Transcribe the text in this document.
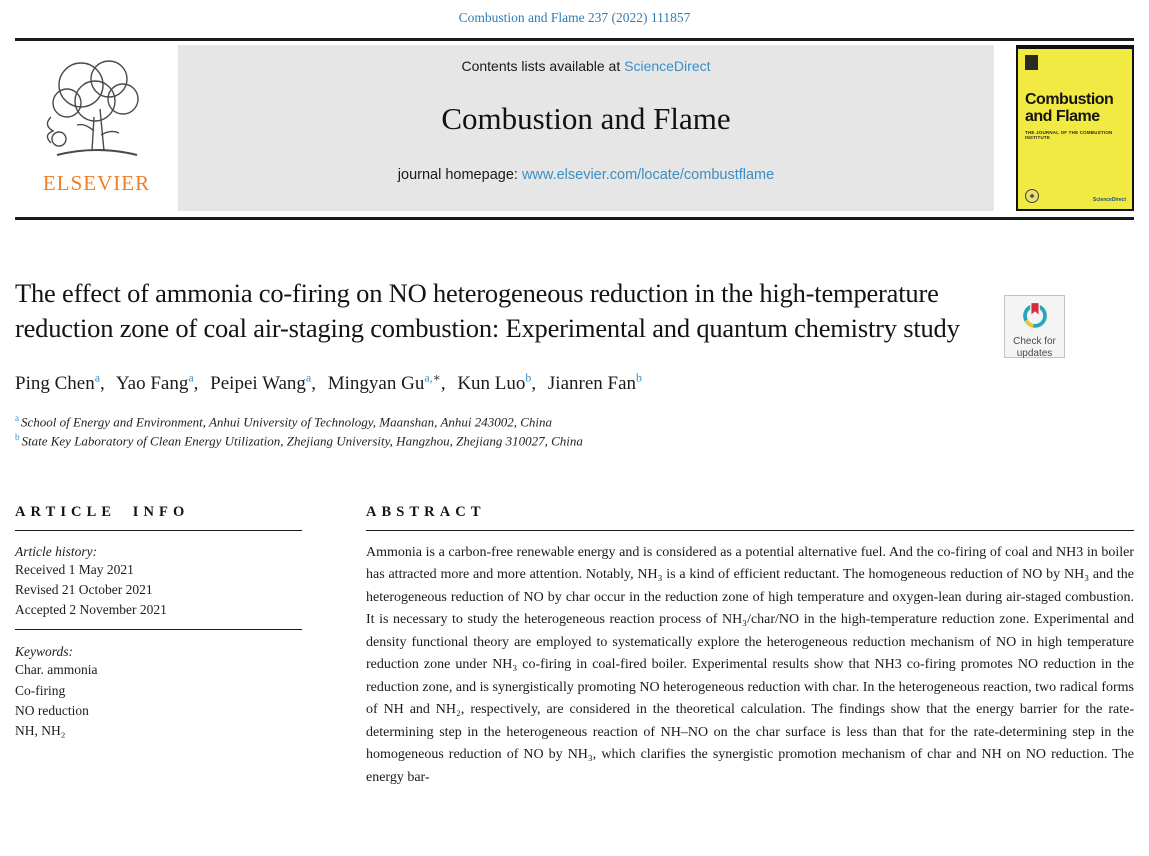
Combustion and Flame 237 (2022) 111857
ELSEVIER
Contents lists available at ScienceDirect
Combustion and Flame
journal homepage: www.elsevier.com/locate/combustflame
Combustion
and Flame
THE JOURNAL OF THE COMBUSTION INSTITUTE
♣	ScienceDirect
The effect of ammonia co-firing on NO heterogeneous reduction in the high-temperature reduction zone of coal air-staging combustion: Experimental and quantum chemistry study	Check for
updates
Ping Chen$^a$, Yao Fang$^a$, Peipei Wang$^a$, Mingyan $Gu^{a,∗}$, Kun Luo$^b$, Jianren Fan$^b$
$^a$ School of Energy and Environment, Anhui University of Technology, Maanshan, Anhui 243002, China
$^b$ State Key Laboratory of Clean Energy Utilization, Zhejiang University, Hangzhou, Zhejiang 310027, China
ARTICLE INFO
Article history:
Received 1 May 2021
Revised 21 October 2021
Accepted 2 November 2021
Keywords:
Char. ammonia
Co-firing
NO reduction
NH, NH₂
ABSTRACT

Ammonia is a carbon-free renewable energy and is considered as a potential alternative fuel. And the co-firing of coal and NH3 in boiler has attracted more and more attention. Notably, NH₃ is a kind of efficient reductant. The homogeneous reduction of NO by NH₃ and the heterogeneous reduction of NO by char occur in the reduction zone of high temperature and oxygen-lean during air-staged combustion. It is necessary to study the heterogeneous reaction process of NH₃/char/NO in the high-temperature reduction zone. Experimental and density functional theory are employed to systematically explore the heterogeneous reduction mechanism of NO in high temperature reduction zone under NH₃ co-firing in coal-fired boiler. Experimental results show that NH3 co-firing promotes NO reduction in the reduction zone, and is synergistically promoting NO heterogeneous reduction with char. In the heterogeneous reaction, two radical forms of NH and NH₂, respectively, are considered in the theoretical calculation. The findings show that the energy barrier for the rate-determining step in the heterogeneous reaction of NH–NO on the char surface is less than that for the rate-determining step in the homogeneous reduction of NO by NH₃, which clarifies the synergistic promotion mechanism of char and NH on NO reduction. The energy bar-
